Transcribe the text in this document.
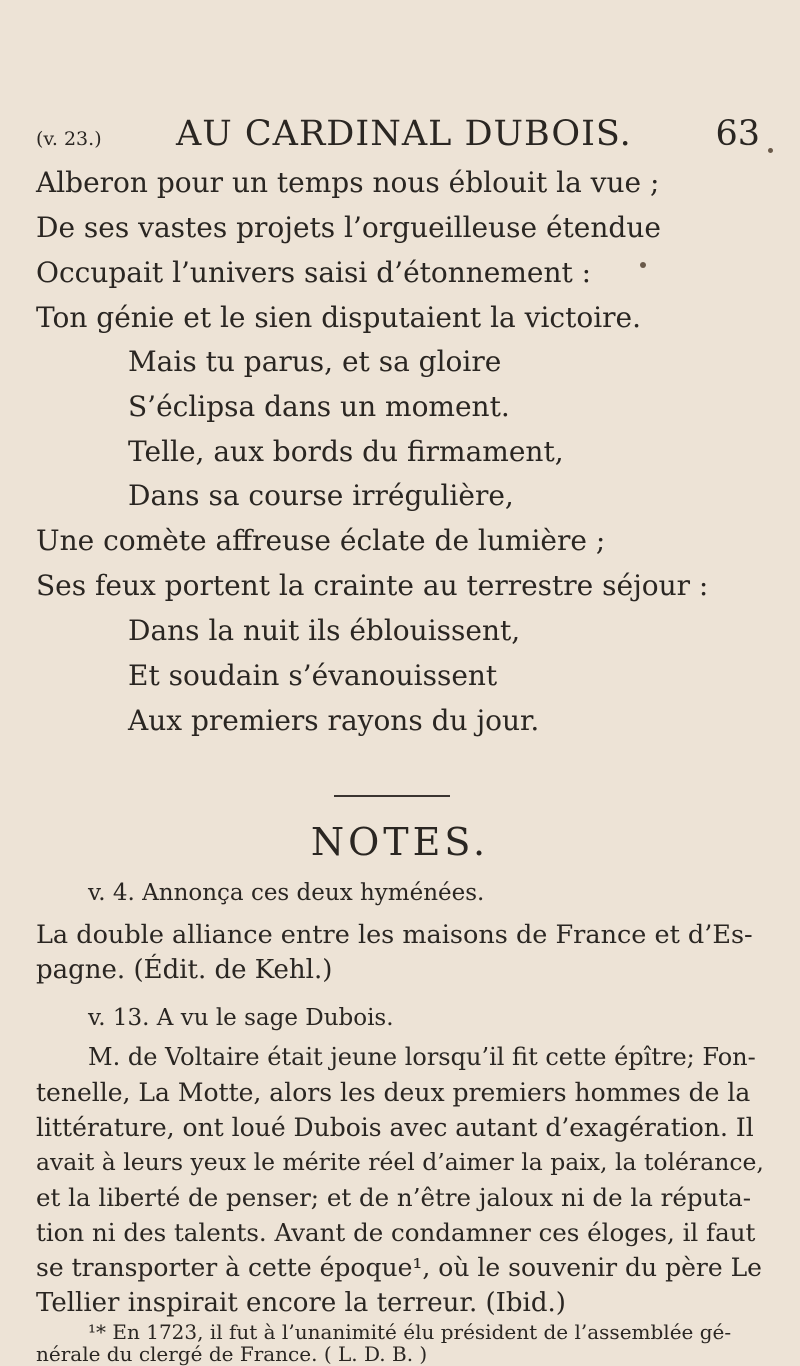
(v. 23.) AU CARDINAL DUBOIS. 63
Alberon pour un temps nous éblouit la vue ;
De ses vastes projets l’orgueilleuse étendue
Occupait l’univers saisi d’étonnement :
Ton génie et le sien disputaient la victoire.
Mais tu parus, et sa gloire
S’éclipsa dans un moment.
Telle, aux bords du firmament,
Dans sa course irrégulière,
Une comète affreuse éclate de lumière ;
Ses feux portent la crainte au terrestre séjour :
Dans la nuit ils éblouissent,
Et soudain s’évanouissent
Aux premiers rayons du jour.
NOTES.
v. 4. Annonça ces deux hyménées.
La double alliance entre les maisons de France et d’Es-
pagne. (Édit. de Kehl.)
v. 13. A vu le sage Dubois.
M. de Voltaire était jeune lorsqu’il fit cette épître; Fon-
tenelle, La Motte, alors les deux premiers hommes de la
littérature, ont loué Dubois avec autant d’exagération. Il
avait à leurs yeux le mérite réel d’aimer la paix, la tolérance,
et la liberté de penser; et de n’être jaloux ni de la réputa-
tion ni des talents. Avant de condamner ces éloges, il faut
se transporter à cette époque¹, où le souvenir du père Le
Tellier inspirait encore la terreur. (Ibid.)
¹* En 1723, il fut à l’unanimité élu président de l’assemblée gé-
nérale du clergé de France. ( L. D. B. )
